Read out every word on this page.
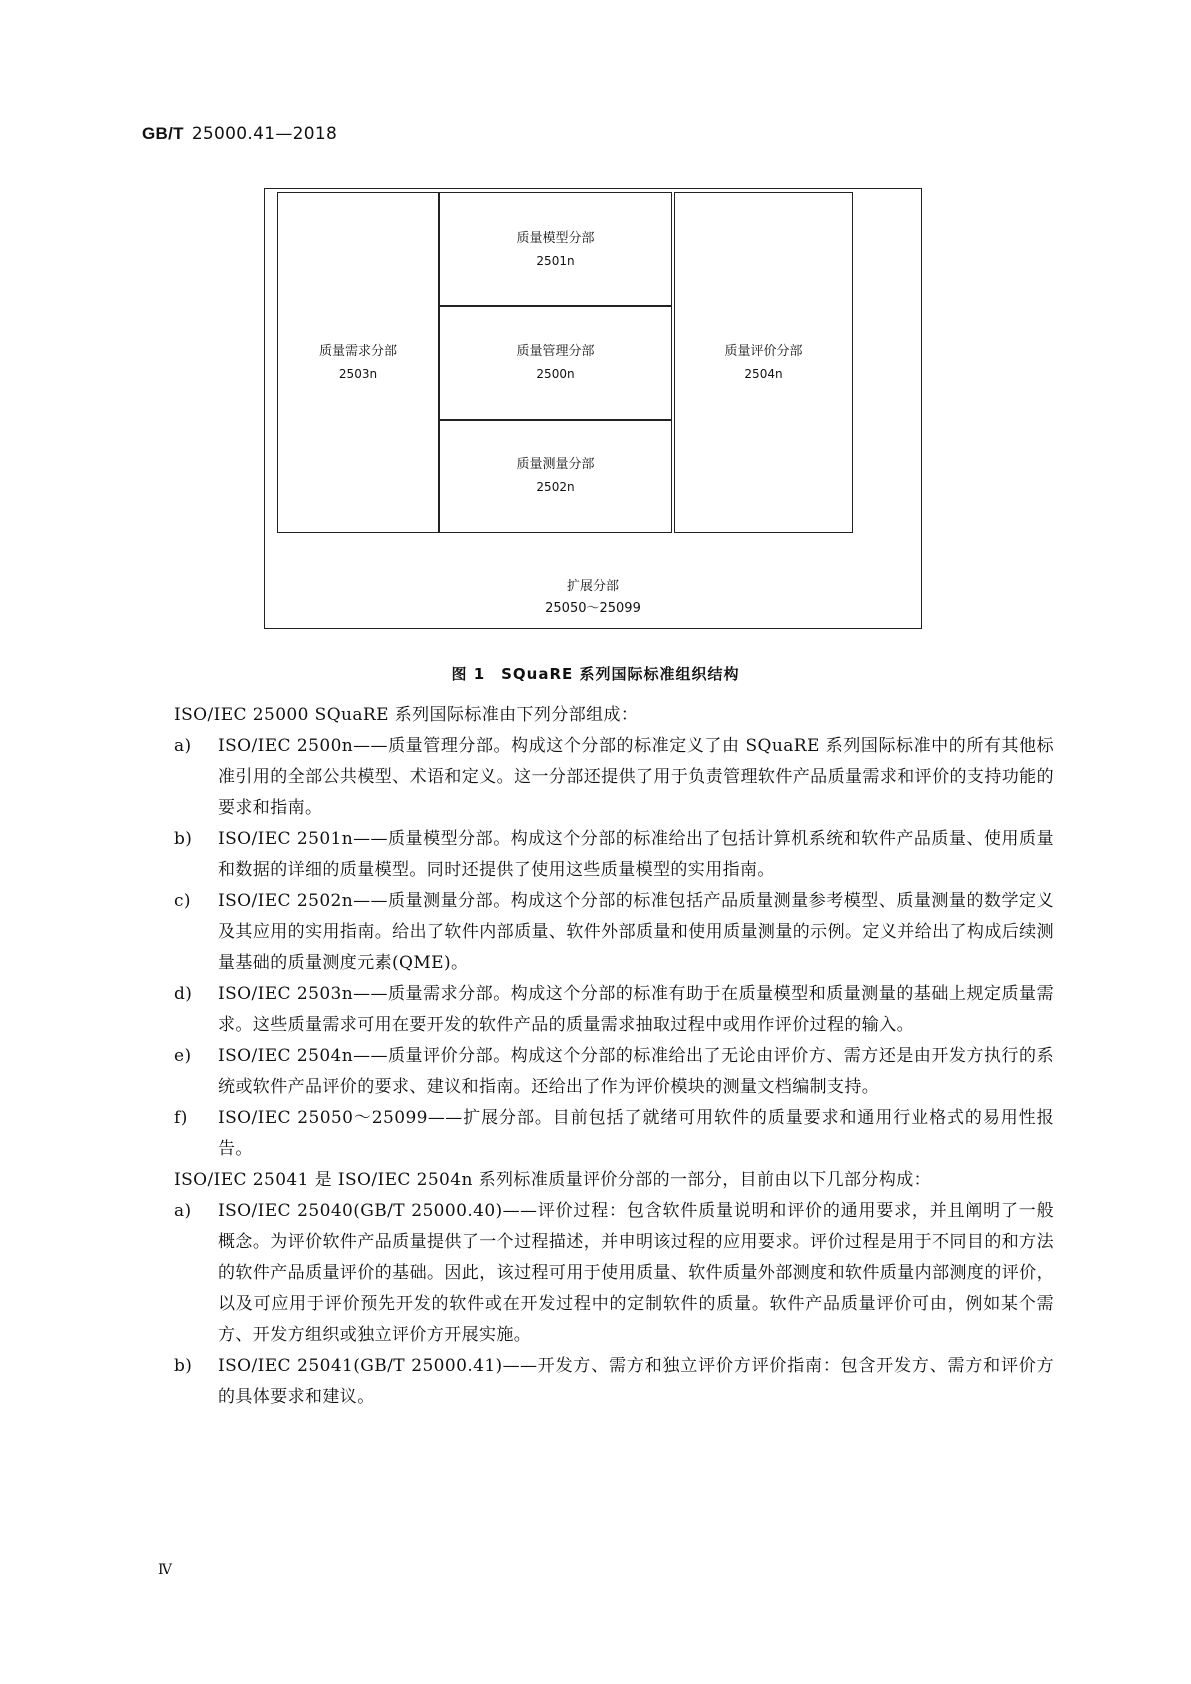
GB/T 25000.41—2018
质量需求分部
2503n
质量模型分部
2501n
质量管理分部
2500n
质量测量分部
2502n
质量评价分部
2504n
扩展分部
25050～25099
图 1　SQuaRE 系列国际标准组织结构

ISO/IEC 25000 SQuaRE 系列国际标准由下列分部组成：

a)	ISO/IEC 2500n——质量管理分部。构成这个分部的标准定义了由 SQuaRE 系列国际标准中的所有其他标准引用的全部公共模型、术语和定义。这一分部还提供了用于负责管理软件产品质量需求和评价的支持功能的要求和指南。
b)	ISO/IEC 2501n——质量模型分部。构成这个分部的标准给出了包括计算机系统和软件产品质量、使用质量和数据的详细的质量模型。同时还提供了使用这些质量模型的实用指南。
c)	ISO/IEC 2502n——质量测量分部。构成这个分部的标准包括产品质量测量参考模型、质量测量的数学定义及其应用的实用指南。给出了软件内部质量、软件外部质量和使用质量测量的示例。定义并给出了构成后续测量基础的质量测度元素(QME)。
d)	ISO/IEC 2503n——质量需求分部。构成这个分部的标准有助于在质量模型和质量测量的基础上规定质量需求。这些质量需求可用在要开发的软件产品的质量需求抽取过程中或用作评价过程的输入。
e)	ISO/IEC 2504n——质量评价分部。构成这个分部的标准给出了无论由评价方、需方还是由开发方执行的系统或软件产品评价的要求、建议和指南。还给出了作为评价模块的测量文档编制支持。
f)	ISO/IEC 25050～25099——扩展分部。目前包括了就绪可用软件的质量要求和通用行业格式的易用性报告。

ISO/IEC 25041 是 ISO/IEC 2504n 系列标准质量评价分部的一部分，目前由以下几部分构成：

a)	ISO/IEC 25040(GB/T 25000.40)——评价过程：包含软件质量说明和评价的通用要求，并且阐明了一般概念。为评价软件产品质量提供了一个过程描述，并申明该过程的应用要求。评价过程是用于不同目的和方法的软件产品质量评价的基础。因此，该过程可用于使用质量、软件质量外部测度和软件质量内部测度的评价，以及可应用于评价预先开发的软件或在开发过程中的定制软件的质量。软件产品质量评价可由，例如某个需方、开发方组织或独立评价方开展实施。
b)	ISO/IEC 25041(GB/T 25000.41)——开发方、需方和独立评价方评价指南：包含开发方、需方和评价方的具体要求和建议。
Ⅳ
